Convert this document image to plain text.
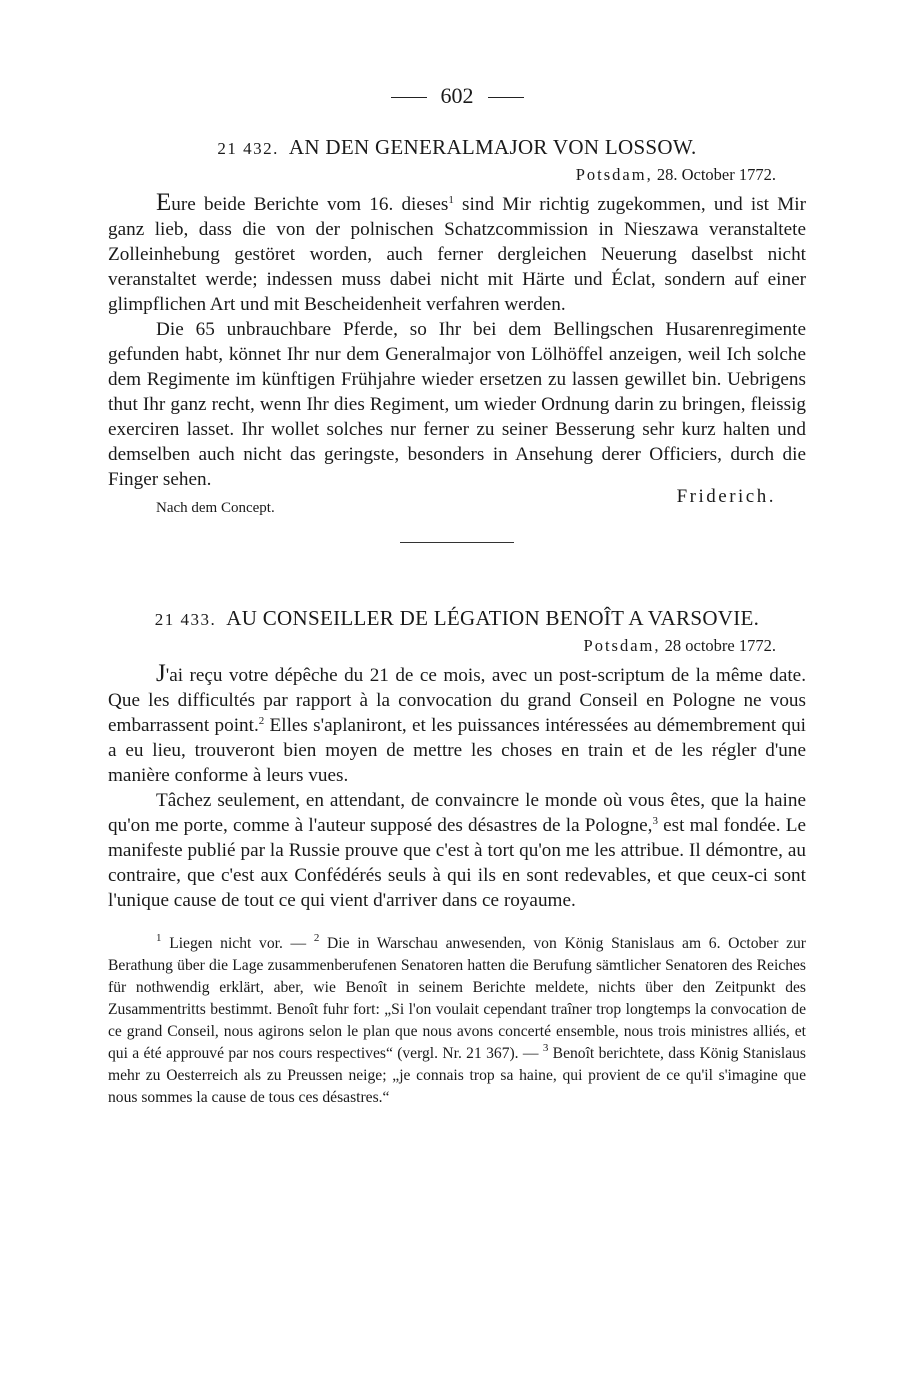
602
21 432. AN DEN GENERALMAJOR VON LOSSOW.
Potsdam, 28. October 1772.

Eure beide Berichte vom 16. dieses$^1$ sind Mir richtig zugekommen, und ist Mir ganz lieb, dass die von der polnischen Schatzcommission in Nieszawa veranstaltete Zolleinhebung gestöret worden, auch ferner dergleichen Neuerung daselbst nicht veranstaltet werde; indessen muss dabei nicht mit Härte und Éclat, sondern auf einer glimpflichen Art und mit Bescheidenheit verfahren werden.

Die 65 unbrauchbare Pferde, so Ihr bei dem Bellingschen Husarenregimente gefunden habt, könnet Ihr nur dem Generalmajor von Lölhöffel anzeigen, weil Ich solche dem Regimente im künftigen Frühjahre wieder ersetzen zu lassen gewillet bin. Uebrigens thut Ihr ganz recht, wenn Ihr dies Regiment, um wieder Ordnung darin zu bringen, fleissig exerciren lasset. Ihr wollet solches nur ferner zu seiner Besserung sehr kurz halten und demselben auch nicht das geringste, besonders in Ansehung derer Officiers, durch die Finger sehen.

Nach dem Concept.
Friderich.
21 433. AU CONSEILLER DE LÉGATION BENOÎT A VARSOVIE.
Potsdam, 28 octobre 1772.

J'ai reçu votre dépêche du 21 de ce mois, avec un post-scriptum de la même date. Que les difficultés par rapport à la convocation du grand Conseil en Pologne ne vous embarrassent point.$^2$ Elles s'aplaniront, et les puissances intéressées au démembrement qui a eu lieu, trouveront bien moyen de mettre les choses en train et de les régler d'une manière conforme à leurs vues.

Tâchez seulement, en attendant, de convaincre le monde où vous êtes, que la haine qu'on me porte, comme à l'auteur supposé des désastres de la Pologne,$^3$ est mal fondée. Le manifeste publié par la Russie prouve que c'est à tort qu'on me les attribue. Il démontre, au contraire, que c'est aux Confédérés seuls à qui ils en sont redevables, et que ceux-ci sont l'unique cause de tout ce qui vient d'arriver dans ce royaume.

$^1$ Liegen nicht vor. — $^2$ Die in Warschau anwesenden, von König Stanislaus am 6. October zur Berathung über die Lage zusammenberufenen Senatoren hatten die Berufung sämtlicher Senatoren des Reiches für nothwendig erklärt, aber, wie Benoît in seinem Berichte meldete, nichts über den Zeitpunkt des Zusammentritts bestimmt. Benoît fuhr fort: „Si l'on voulait cependant traîner trop longtemps la convocation de ce grand Conseil, nous agirons selon le plan que nous avons concerté ensemble, nous trois ministres alliés, et qui a été approuvé par nos cours respectives“ (vergl. Nr. 21 367). — $^3$ Benoît berichtete, dass König Stanislaus mehr zu Oesterreich als zu Preussen neige; „je connais trop sa haine, qui provient de ce qu'il s'imagine que nous sommes la cause de tous ces désastres.“
